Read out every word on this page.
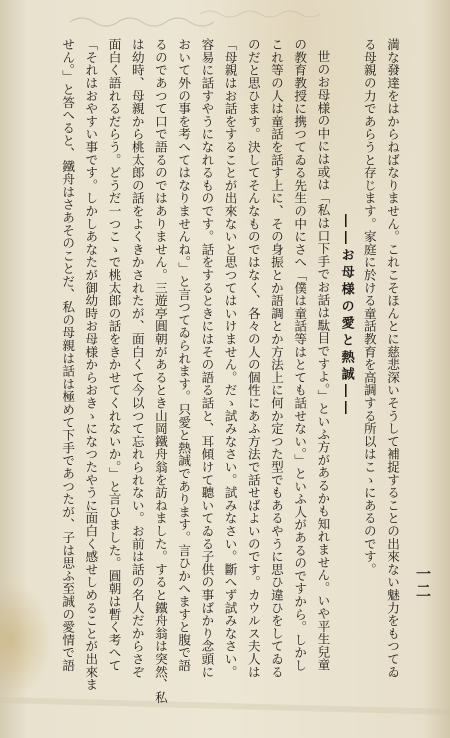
一二
満な發達をはからねばなりません。これこそほんとに慈悲深いそうして補捉することの出來ない魅力をもつてゐ
る母親の力であらうと存じます。家庭に於ける童話教育を高調する所以はこゝにあるのです。
――お母様の愛と熱誠――
世のお母様の中には或は「私は口下手でお話は駄目ですよ。」といふ方があるかも知れません。いや平生兒童
の教育教授に携つてゐる先生の中にさへ「僕は童話等はとても話せない。」といふ人があるのですから。しかし
これ等の人は童話を話す上に、その身振とか語調とか方法上に何か定つた型でもあるやうに思ひ違ひをしてゐる
のだと思ひます。決してそんなものではなく、各々の人の個性にあふ方法で話せばよいのです。カウルス夫人は
「母親はお話をすることが出來ないと思つてはいけません。だゝ試みなさい。試みなさい。斷へず試みなさい。
容易に話すやうになれるものです。話をするときにはその語る話と、耳傾けて聽いてゐる子供の事ばかり念頭に
おいて外の事を考へてはなりませんね。」と言つてゐられます。只愛と熱誠であります。言ひかへますと腹で語
るのであつて口で語るのではありません。三遊亭圓朝があるとき山岡鐵舟翁を訪ねました。すると鐵舟翁は突然、私
は幼時、母親から桃太郎の話をよくきかされたが、面白くて今以つて忘れられない。お前は話の名人だからさぞ
面白く語れるだらう。どうだ一つこゝで桃太郎の話をきかせてくれないか。」と言ひました。圓朝は暫く考へて
「それはおやすい事です。しかしあなたが御幼時お母様からおきゝになつたやうに面白く感せしめることが出來ま
せん。」と答へると、鐵舟はさあそのことだ、私の母親は話は極めて下手であつたが、子は思ふ至誠の愛情で語
